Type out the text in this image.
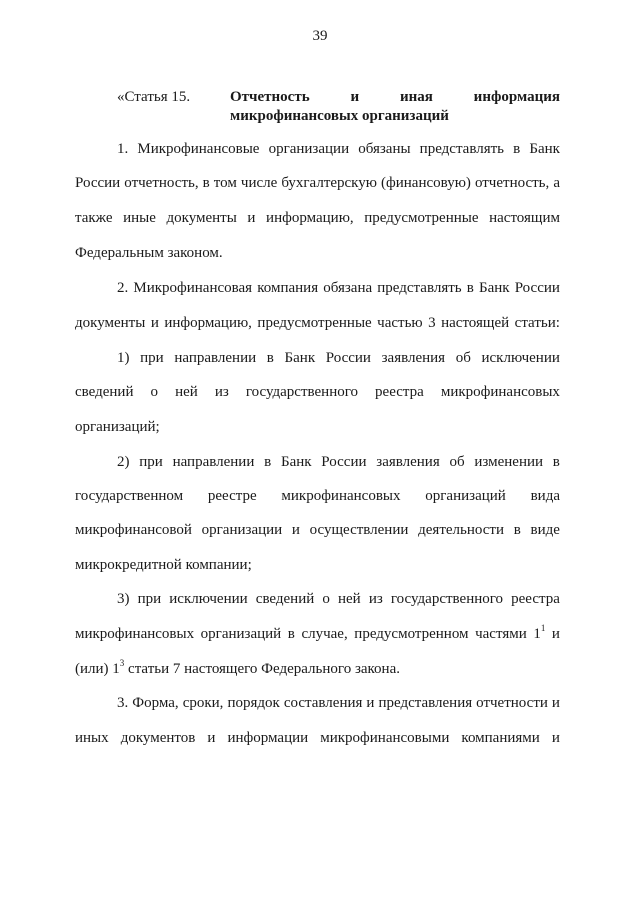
39
«Статья 15.	Отчетность	и	иная	информация
микрофинансовых организаций
1. Микрофинансовые организации обязаны представлять в Банк
России отчетность, в том числе бухгалтерскую (финансовую) отчетность, а
также иные документы и информацию, предусмотренные настоящим
Федеральным законом.
2. Микрофинансовая компания обязана представлять в Банк России
документы и информацию, предусмотренные частью 3 настоящей статьи:
1) при направлении в Банк России заявления об исключении
сведений о ней из государственного реестра микрофинансовых
организаций;
2) при направлении в Банк России заявления об изменении в
государственном реестре микрофинансовых организаций вида
микрофинансовой организации и осуществлении деятельности в виде
микрокредитной компании;
3) при исключении сведений о ней из государственного реестра
микрофинансовых организаций в случае, предусмотренном частями $1^1$ и
(или) $1^3$ статьи 7 настоящего Федерального закона.
3. Форма, сроки, порядок составления и представления отчетности и
иных документов и информации микрофинансовыми компаниями и
